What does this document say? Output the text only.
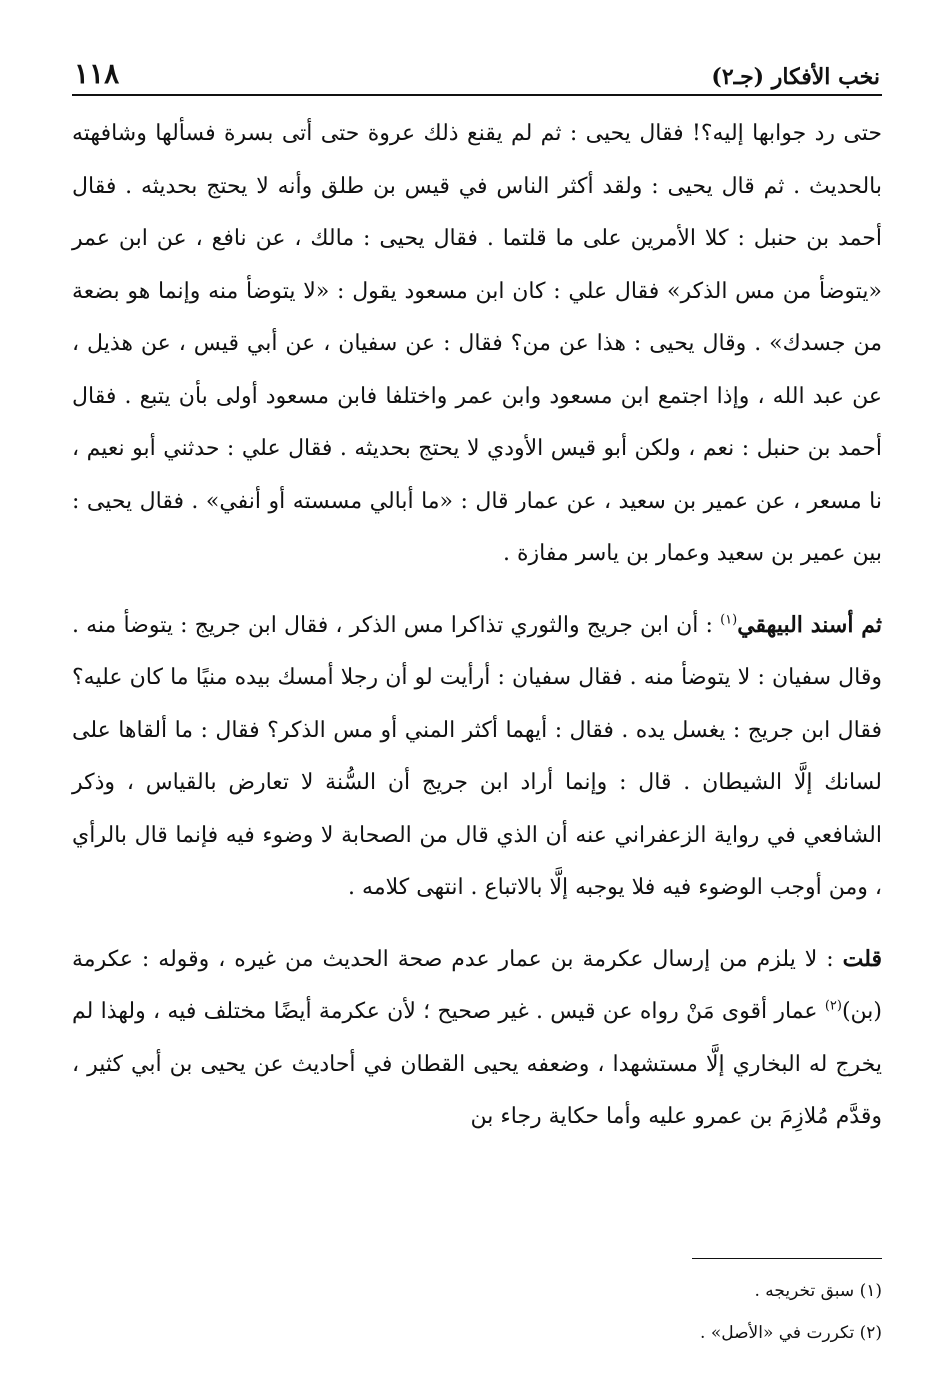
نخب الأفكار (جـ٢)
١١٨

حتى رد جوابها إليه؟! فقال يحيى : ثم لم يقنع ذلك عروة حتى أتى بسرة فسألها وشافهته بالحديث . ثم قال يحيى : ولقد أكثر الناس في قيس بن طلق وأنه لا يحتج بحديثه . فقال أحمد بن حنبل : كلا الأمرين على ما قلتما . فقال يحيى : مالك ، عن نافع ، عن ابن عمر «يتوضأ من مس الذكر» فقال علي : كان ابن مسعود يقول : «لا يتوضأ منه وإنما هو بضعة من جسدك» . وقال يحيى : هذا عن من؟ فقال : عن سفيان ، عن أبي قيس ، عن هذيل ، عن عبد الله ، وإذا اجتمع ابن مسعود وابن عمر واختلفا فابن مسعود أولى بأن يتبع . فقال أحمد بن حنبل : نعم ، ولكن أبو قيس الأودي لا يحتج بحديثه . فقال علي : حدثني أبو نعيم ، نا مسعر ، عن عمير بن سعيد ، عن عمار قال : «ما أبالي مسسته أو أنفي» . فقال يحيى : بين عمير بن سعيد وعمار بن ياسر مفازة .

ثم أسند البيهقي$^{(١)}$ : أن ابن جريج والثوري تذاكرا مس الذكر ، فقال ابن جريج : يتوضأ منه . وقال سفيان : لا يتوضأ منه . فقال سفيان : أرأيت لو أن رجلا أمسك بيده منيًا ما كان عليه؟ فقال ابن جريج : يغسل يده . فقال : أيهما أكثر المني أو مس الذكر؟ فقال : ما ألقاها على لسانك إلَّا الشيطان . قال : وإنما أراد ابن جريج أن السُّنة لا تعارض بالقياس ، وذكر الشافعي في رواية الزعفراني عنه أن الذي قال من الصحابة لا وضوء فيه فإنما قال بالرأي ، ومن أوجب الوضوء فيه فلا يوجبه إلَّا بالاتباع . انتهى كلامه .

قلت : لا يلزم من إرسال عكرمة بن عمار عدم صحة الحديث من غيره ، وقوله : عكرمة (بن)$^{(٢)}$ عمار أقوى مَنْ رواه عن قيس . غير صحيح ؛ لأن عكرمة أيضًا مختلف فيه ، ولهذا لم يخرج له البخاري إلَّا مستشهدا ، وضعفه يحيى القطان في أحاديث عن يحيى بن أبي كثير ، وقدَّم مُلازِمَ بن عمرو عليه وأما حكاية رجاء بن

(١) سبق تخريجه .

(٢) تكررت في «الأصل» .
